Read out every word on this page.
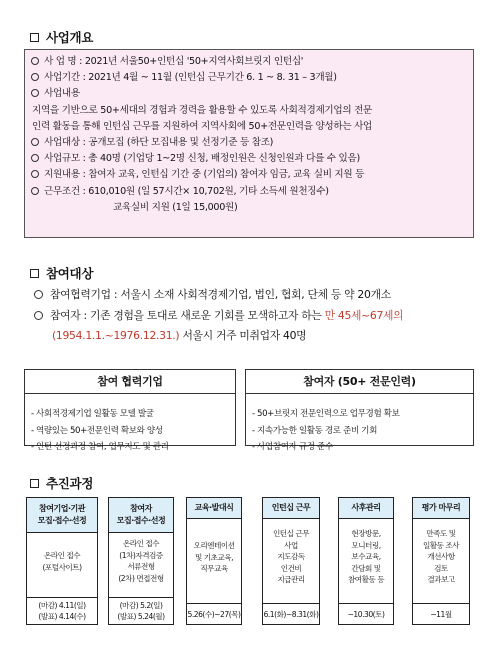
사업개요
사 업 명 : 2021년 서울50+인턴십 '50+지역사회브릿지 인턴십'
사업기간 : 2021년 4월 ~ 11월 (인턴십 근무기간 6. 1 ~ 8. 31 – 3개월)
사업내용
지역을 기반으로 50+세대의 경험과 경력을 활용할 수 있도록 사회적경제기업의 전문
인력 활동을 통해 인턴십 근무를 지원하여 지역사회에 50+전문인력을 양성하는 사업
사업대상 : 공개모집 (하단 모집내용 및 선정기준 등 참조)
사업규모 : 총 40명 (기업당 1~2명 신청, 배정인원은 신청인원과 다를 수 있음)
지원내용 : 참여자 교육, 인턴십 기간 중 (기업의) 참여자 임금, 교육 실비 지원 등
근무조건 : 610,010원 (일 57시간× 10,702원, 기타 소득세 원천징수)
교육실비 지원 (1일 15,000원)
참여대상
참여협력기업 : 서울시 소재 사회적경제기업, 법인, 협회, 단체 등 약 20개소
참여자 : 기존 경험을 토대로 새로운 기회를 모색하고자 하는 만 45세~67세의
(1954.1.1.~1976.12.31.) 서울시 거주 미취업자 40명
참여 협력기업
- 사회적경제기업 일활동 모델 발굴
- 역량있는 50+전문인력 확보와 양성
- 인턴 선정과정 참여, 업무지도 및 관리
참여자 (50+ 전문인력)
- 50+브릿지 전문인력으로 업무경험 확보
- 지속가능한 일활동 경로 준비 기회
- 사업참여자 규정 준수
추진과정
참여기업·기관
모집·접수·선정
온라인 접수
(포털사이트)
(마감) 4.11(일)
(발표) 4.14(수)
참여자
모집·접수·선정
온라인 접수
(1차)자격검증
서류전형
(2차) 면접전형
(마감) 5.2(일)
(발표) 5.24(월)
교육·발대식
오리엔테이션
및 기초교육,
직무교육
5.26(수)~27(목)
인턴십 근무
인턴십 근무
사업
지도감독
인건비
지급관리
6.1(화)~8.31(화)
사후관리
현장방문,
모니터링,
보수교육,
간담회 및
참여활동 등
~10.30(토)
평가 마무리
만족도 및
일활동 조사
개선사항
검토
결과보고
~11월
